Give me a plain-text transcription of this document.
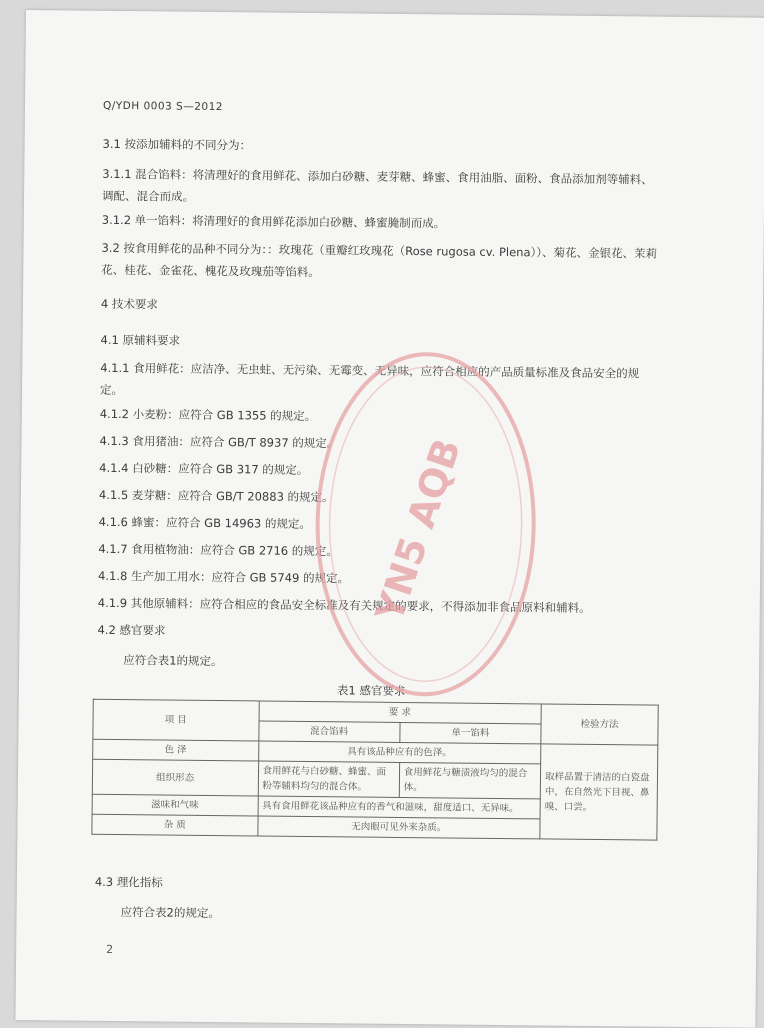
Q/YDH 0003 S—2012
3.1 按添加辅料的不同分为：
3.1.1 混合馅料：将清理好的食用鲜花、添加白砂糖、麦芽糖、蜂蜜、食用油脂、面粉、食品添加剂等辅料、调配、混合而成。
3.1.2 单一馅料：将清理好的食用鲜花添加白砂糖、蜂蜜腌制而成。
3.2 按食用鲜花的品种不同分为：：玫瑰花（重瓣红玫瑰花（Rose rugosa cv. Plena））、菊花、金银花、茉莉花、桂花、金雀花、槐花及玫瑰茄等馅料。
4 技术要求
4.1 原辅料要求
4.1.1 食用鲜花：应洁净、无虫蛀、无污染、无霉变、无异味，应符合相应的产品质量标准及食品安全的规定。
4.1.2 小麦粉：应符合 GB 1355 的规定。
4.1.3 食用猪油：应符合 GB/T 8937 的规定。
4.1.4 白砂糖：应符合 GB 317 的规定。
4.1.5 麦芽糖：应符合 GB/T 20883 的规定。
4.1.6 蜂蜜：应符合 GB 14963 的规定。
4.1.7 食用植物油：应符合 GB 2716 的规定。
4.1.8 生产加工用水：应符合 GB 5749 的规定。
4.1.9 其他原辅料：应符合相应的食品安全标准及有关规定的要求，不得添加非食品原料和辅料。
4.2 感官要求
应符合表1的规定。
表1 感官要求
项 目	要 求		检验方法
	混合馅料	单一馅料	
色 泽	具有该品种应有的色泽。		取样品置于清洁的白瓷盘中，在自然光下目视、鼻嗅、口尝。
组织形态	食用鲜花与白砂糖、蜂蜜、面粉等辅料均匀的混合体。	食用鲜花与糖渍液均匀的混合体。	
滋味和气味	具有食用鲜花该品种应有的香气和滋味，甜度适口、无异味。		
杂 质	无肉眼可见外来杂质。		
4.3 理化指标
应符合表2的规定。
2
YN5 AQB
